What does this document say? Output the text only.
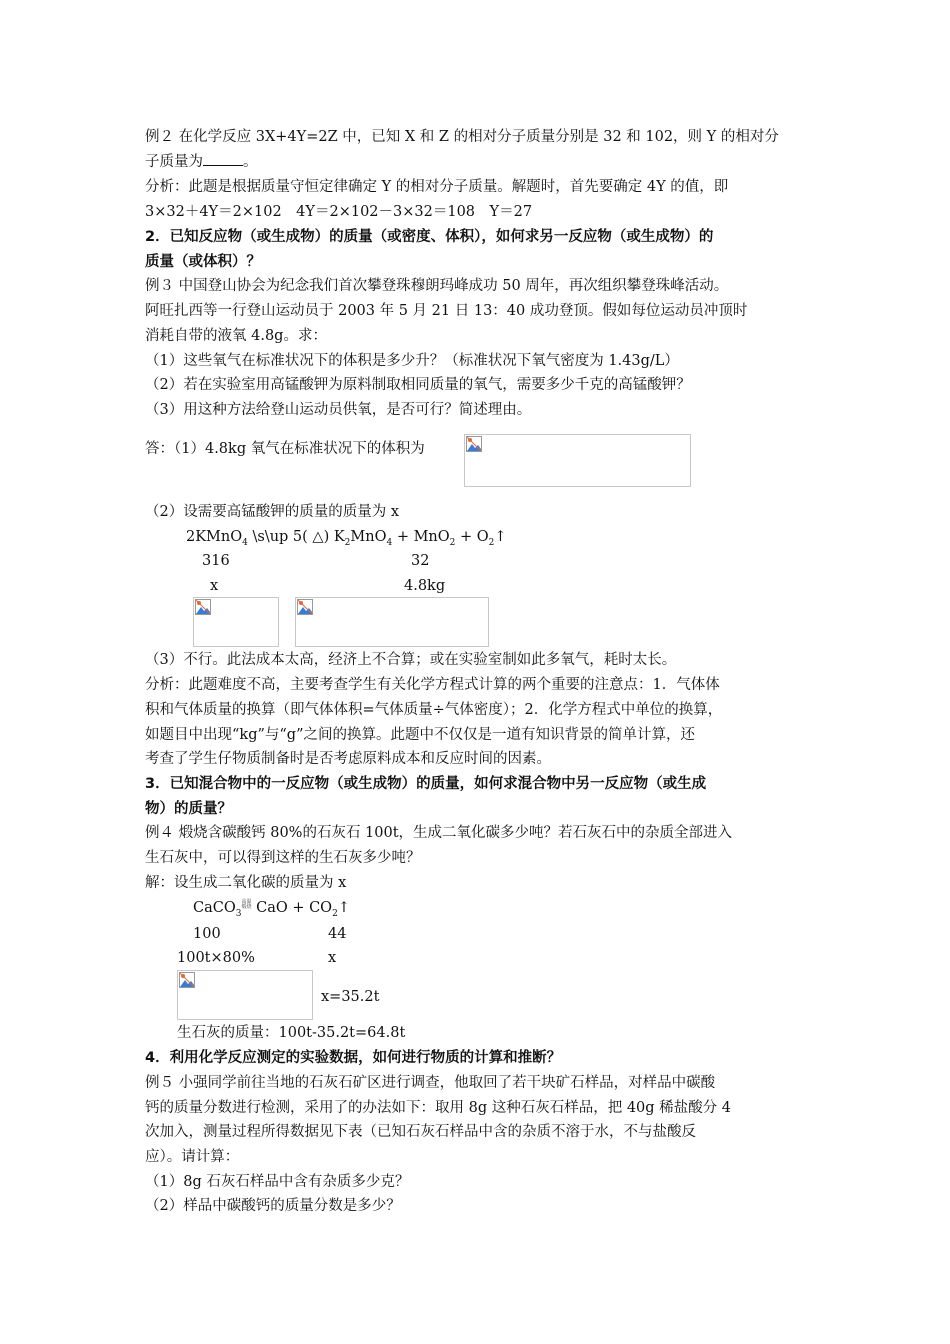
例２ 在化学反应 3X+4Y=2Z 中，已知 X 和 Z 的相对分子质量分别是 32 和 102，则 Y 的相对分
子质量为	。
分析：此题是根据质量守恒定律确定 Y 的相对分子质量。解题时，首先要确定 4Y 的值，即
3×32＋4Y＝2×102　4Y＝2×102－3×32＝108　Y＝27
2．已知反应物（或生成物）的质量（或密度、体积），如何求另一反应物（或生成物）的
质量（或体积）？
例３ 中国登山协会为纪念我们首次攀登珠穆朗玛峰成功 50 周年，再次组织攀登珠峰活动。
阿旺扎西等一行登山运动员于 2003 年 5 月 21 日 13：40 成功登顶。假如每位运动员冲顶时
消耗自带的液氧 4.8g。求：
（1）这些氧气在标准状况下的体积是多少升？（标准状况下氧气密度为 1.43g/L）
（2）若在实验室用高锰酸钾为原料制取相同质量的氧气，需要多少千克的高锰酸钾？
（3）用这种方法给登山运动员供氧，是否可行？简述理由。
答：（1）4.8kg 氧气在标准状况下的体积为
（2）设需要高锰酸钾的质量的质量为 x
2KMnO$_4$ \s\up 5( △) $K_2MnO_4 + MnO_2$ + $O_2↑$
316	32
x	4.8kg
（3）不行。此法成本太高，经济上不合算；或在实验室制如此多氧气，耗时太长。
分析：此题难度不高，主要考查学生有关化学方程式计算的两个重要的注意点：1．气体体
积和气体质量的换算（即气体体积=气体质量÷气体密度）；2．化学方程式中单位的换算，
如题目中出现“kg”与“g”之间的换算。此题中不仅仅是一道有知识背景的简单计算，还
考查了学生仔物质制备时是否考虑原料成本和反应时间的因素。
3．已知混合物中的一反应物（或生成物）的质量，如何求混合物中另一反应物（或生成
物）的质量？
例４ 煅烧含碳酸钙 80%的石灰石 100t，生成二氧化碳多少吨？若石灰石中的杂质全部进入
生石灰中，可以得到这样的生石灰多少吨？
解：设生成二氧化碳的质量为 x
CaCO$_3$高温
煅烧 CaO + $CO_2↑$
100	44
100t×80%	x
x=35.2t
生石灰的质量：100t-35.2t=64.8t
4．利用化学反应测定的实验数据，如何进行物质的计算和推断？
例５ 小强同学前往当地的石灰石矿区进行调查，他取回了若干块矿石样品，对样品中碳酸
钙的质量分数进行检测，采用了的办法如下：取用 8g 这种石灰石样品，把 40g 稀盐酸分 4
次加入，测量过程所得数据见下表（已知石灰石样品中含的杂质不溶于水，不与盐酸反
应）。请计算：
（1）8g 石灰石样品中含有杂质多少克？
（2）样品中碳酸钙的质量分数是多少？
